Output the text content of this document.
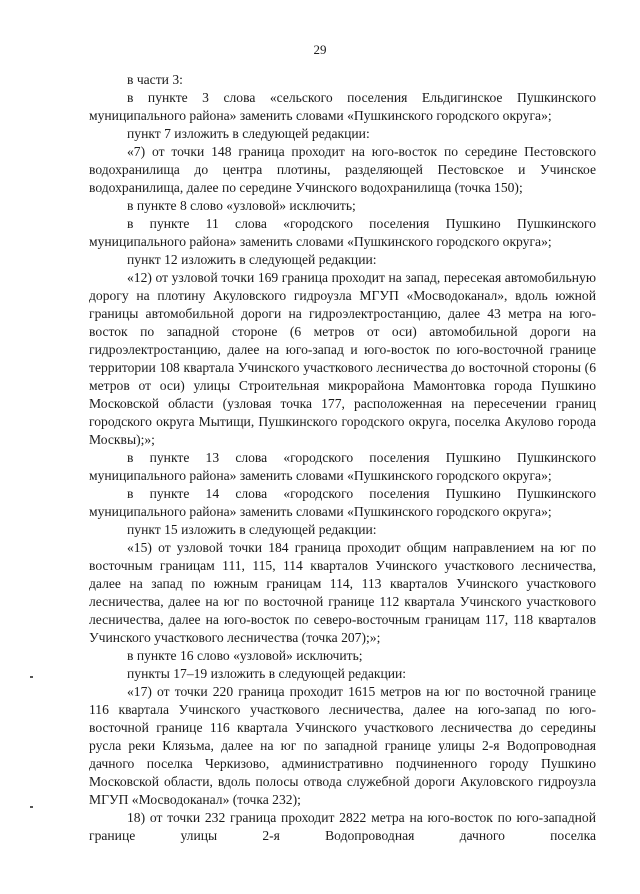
29

в части 3:

в пункте 3 слова «сельского поселения Ельдигинское Пушкинского муниципального района» заменить словами «Пушкинского городского округа»;

пункт 7 изложить в следующей редакции:

«7) от точки 148 граница проходит на юго-восток по середине Пестовского водохранилища до центра плотины, разделяющей Пестовское и Учинское водохранилища, далее по середине Учинского водохранилища (точка 150);

в пункте 8 слово «узловой» исключить;

в пункте 11 слова «городского поселения Пушкино Пушкинского муниципального района» заменить словами «Пушкинского городского округа»;

пункт 12 изложить в следующей редакции:

«12) от узловой точки 169 граница проходит на запад, пересекая автомобильную дорогу на плотину Акуловского гидроузла МГУП «Мосводоканал», вдоль южной границы автомобильной дороги на гидроэлектростанцию, далее 43 метра на юго-восток по западной стороне (6 метров от оси) автомобильной дороги на гидроэлектростанцию, далее на юго-запад и юго-восток по юго-восточной границе территории 108 квартала Учинского участкового лесничества до восточной стороны (6 метров от оси) улицы Строительная микрорайона Мамонтовка города Пушкино Московской области (узловая точка 177, расположенная на пересечении границ городского округа Мытищи, Пушкинского городского округа, поселка Акулово города Москвы);»;

в пункте 13 слова «городского поселения Пушкино Пушкинского муниципального района» заменить словами «Пушкинского городского округа»;

в пункте 14 слова «городского поселения Пушкино Пушкинского муниципального района» заменить словами «Пушкинского городского округа»;

пункт 15 изложить в следующей редакции:

«15) от узловой точки 184 граница проходит общим направлением на юг по восточным границам 111, 115, 114 кварталов Учинского участкового лесничества, далее на запад по южным границам 114, 113 кварталов Учинского участкового лесничества, далее на юг по восточной границе 112 квартала Учинского участкового лесничества, далее на юго-восток по северо-восточным границам 117, 118 кварталов Учинского участкового лесничества (точка 207);»;

в пункте 16 слово «узловой» исключить;

пункты 17–19 изложить в следующей редакции:

«17) от точки 220 граница проходит 1615 метров на юг по восточной границе 116 квартала Учинского участкового лесничества, далее на юго-запад по юго-восточной границе 116 квартала Учинского участкового лесничества до середины русла реки Клязьма, далее на юг по западной границе улицы 2-я Водопроводная дачного поселка Черкизово, административно подчиненного городу Пушкино Московской области, вдоль полосы отвода служебной дороги Акуловского гидроузла МГУП «Мосводоканал» (точка 232);

18) от точки 232 граница проходит 2822 метра на юго-восток по юго-западной границе улицы 2-я Водопроводная дачного поселка
